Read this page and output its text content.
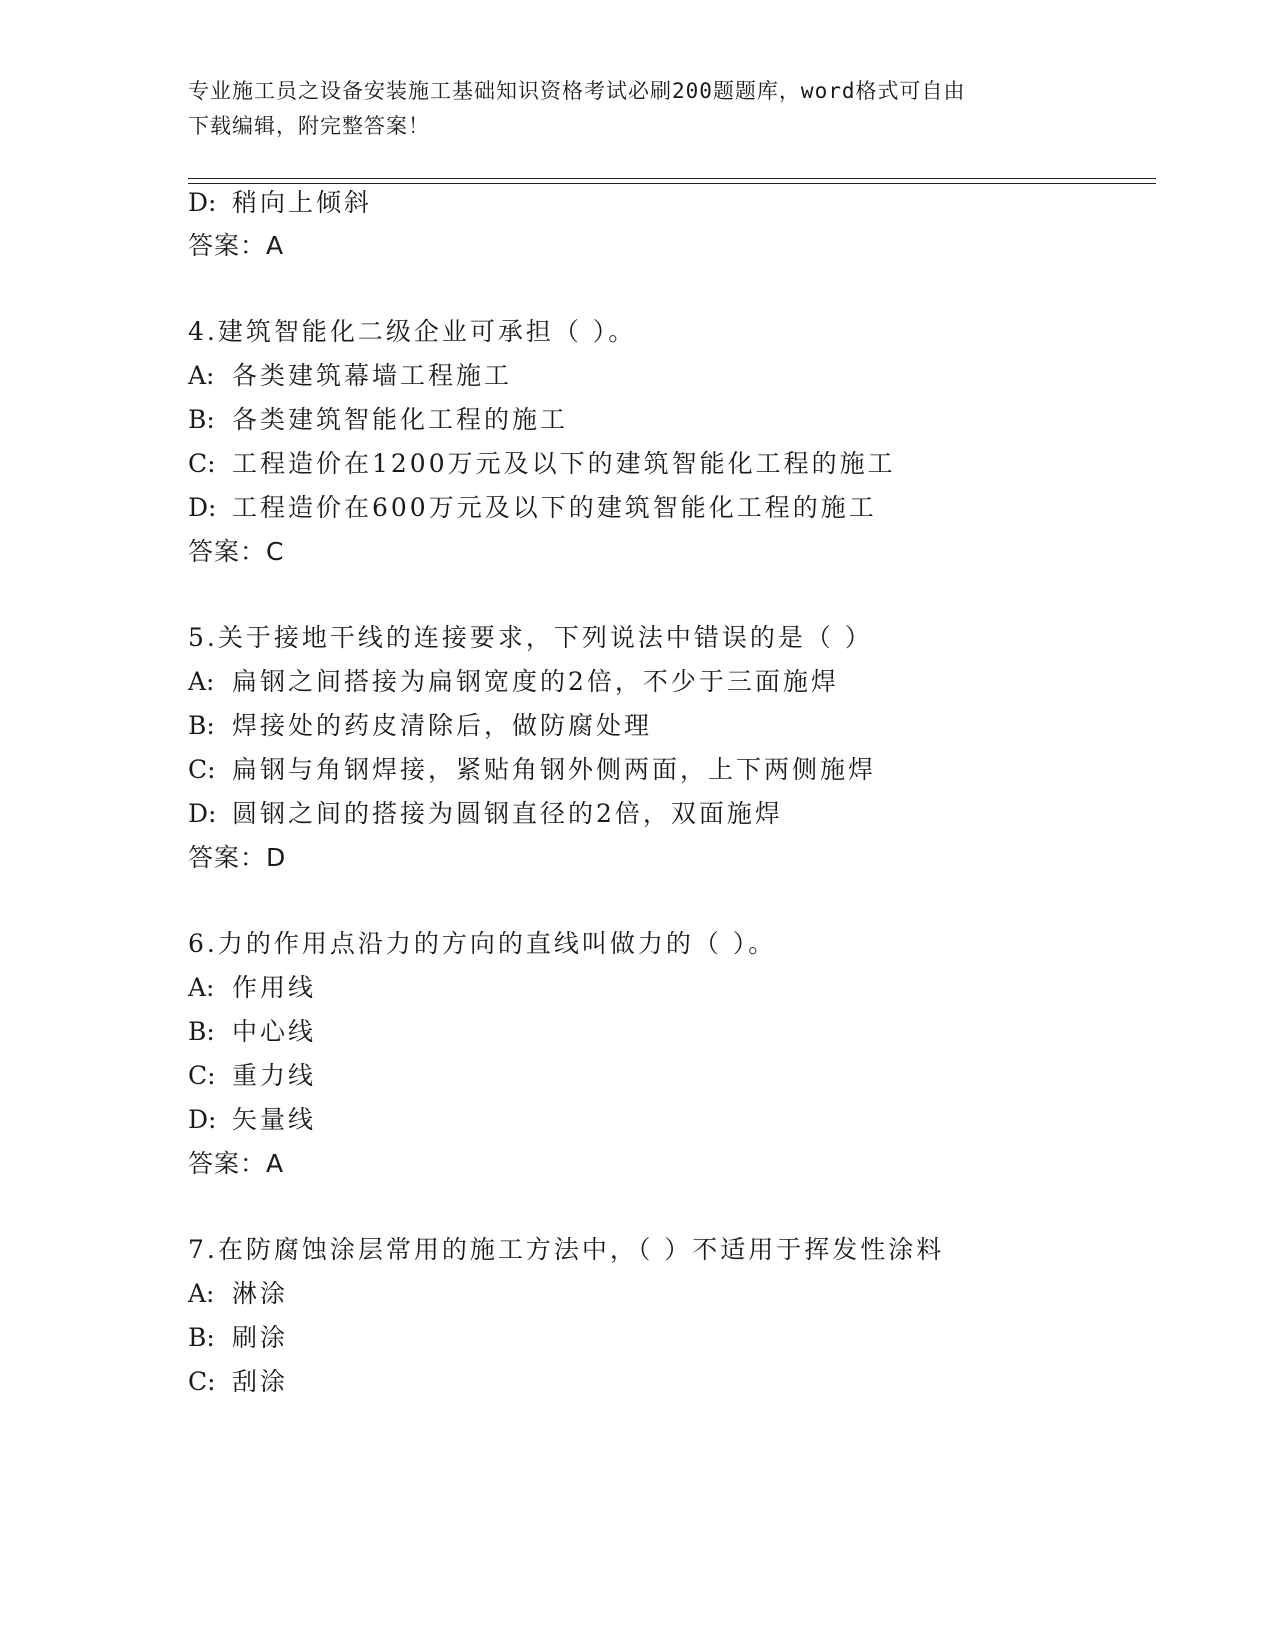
专业施工员之设备安装施工基础知识资格考试必刷200题题库，word格式可自由
下载编辑，附完整答案！
D: 稍向上倾斜
答案：A
4.建筑智能化二级企业可承担（ ）。
A: 各类建筑幕墙工程施工
B: 各类建筑智能化工程的施工
C: 工程造价在1200万元及以下的建筑智能化工程的施工
D: 工程造价在600万元及以下的建筑智能化工程的施工
答案：C
5.关于接地干线的连接要求，下列说法中错误的是（ ）
A: 扁钢之间搭接为扁钢宽度的2倍，不少于三面施焊
B: 焊接处的药皮清除后，做防腐处理
C: 扁钢与角钢焊接，紧贴角钢外侧两面，上下两侧施焊
D: 圆钢之间的搭接为圆钢直径的2倍，双面施焊
答案：D
6.力的作用点沿力的方向的直线叫做力的（ ）。
A: 作用线
B: 中心线
C: 重力线
D: 矢量线
答案：A
7.在防腐蚀涂层常用的施工方法中，（ ）不适用于挥发性涂料
A: 淋涂
B: 刷涂
C: 刮涂
